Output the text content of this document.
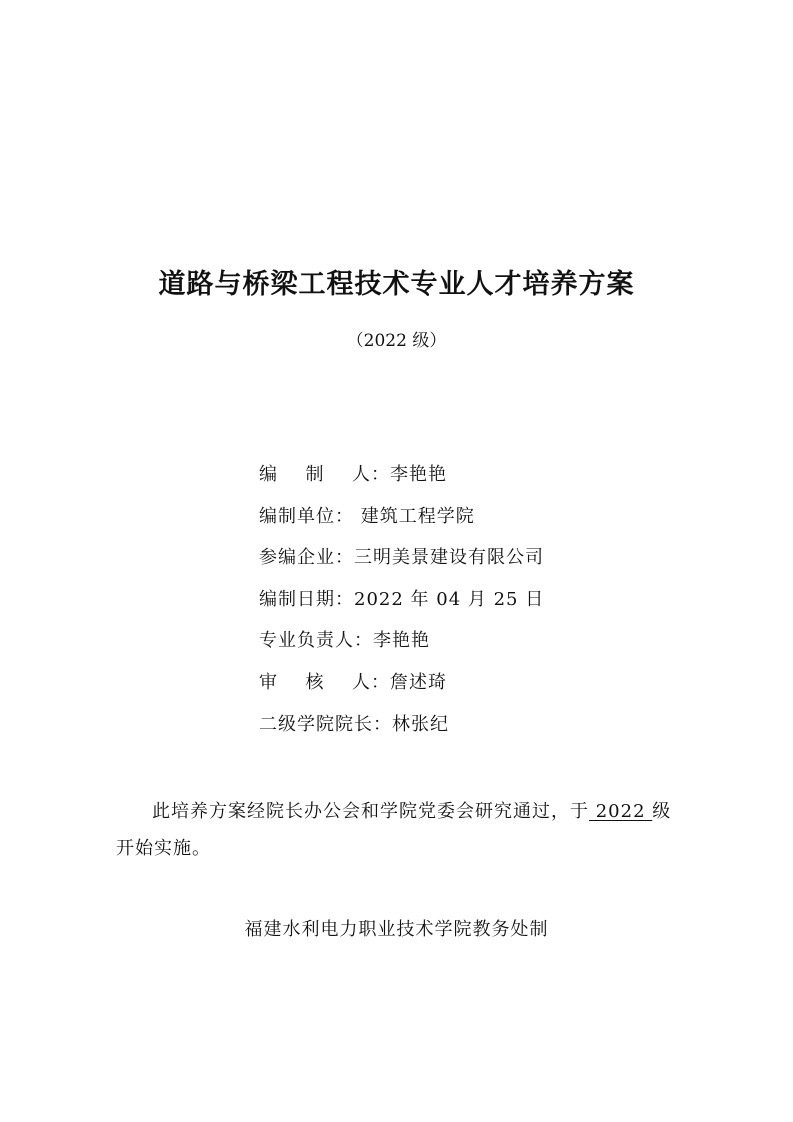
道路与桥梁工程技术专业人才培养方案

（2022 级）

编制人：李艳艳
编制单位： 建筑工程学院
参编企业：三明美景建设有限公司
编制日期：2022 年 04 月 25 日
专业负责人：李艳艳
审核人：詹述琦
二级学院院长：林张纪

此培养方案经院长办公会和学院党委会研究通过，于 2022 级开始实施。

福建水利电力职业技术学院教务处制
